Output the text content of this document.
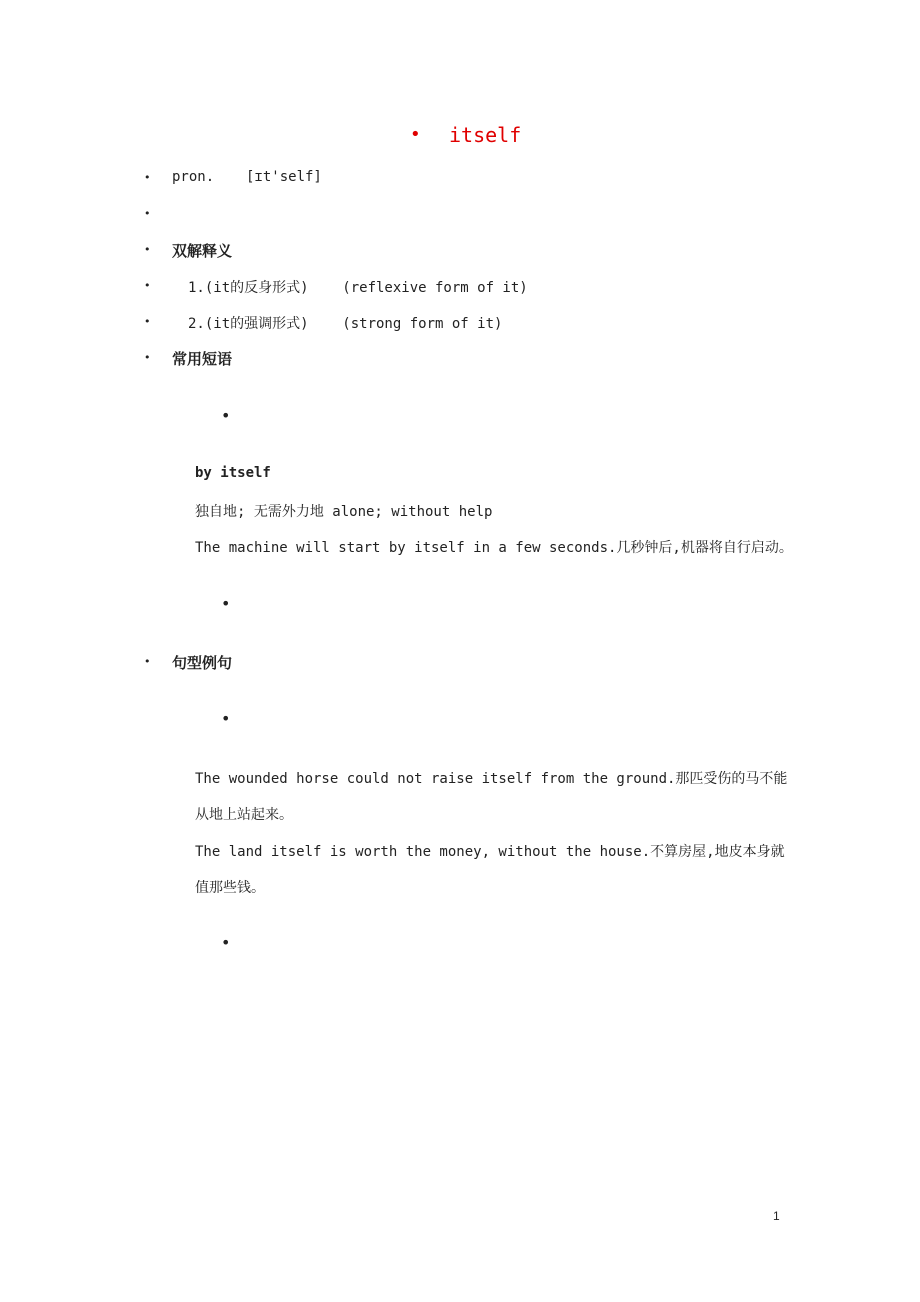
• itself
• pron. [ɪt'self]
•
• 双解释义
•	1.(it的反身形式)    (reflexive form of it)
•	2.(it的强调形式)    (strong form of it)
• 常用短语
•
by itself
独自地; 无需外力地 alone; without help
The machine will start by itself in a few seconds.几秒钟后,机器将自行启动。
•
• 句型例句
•
The wounded horse could not raise itself from the ground.那匹受伤的马不能
从地上站起来。
The land itself is worth the money, without the house.不算房屋,地皮本身就
值那些钱。
•
1
